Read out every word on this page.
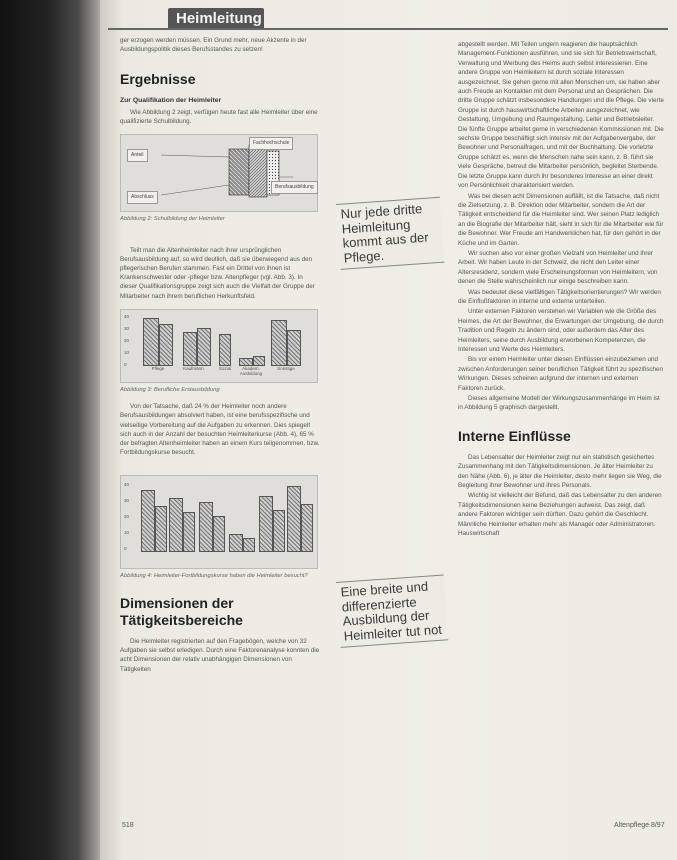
Heimleitung

ger erzogen werden müssen. Ein Grund mehr, neue Akzente in der Ausbildungspolitik dieses Berufsstandes zu setzen!

Ergebnisse
Zur Qualifikation der Heimleiter

Wie Abbildung 2 zeigt, verfügen heute fast alle Heimleiter über eine qualifizierte Schulbildung.

Anteil
Abschluss
Fachhochschule
Berufsausbildung
Abbildung 2: Schulbildung der Heimleiter

Teilt man die Altenheimleiter nach ihrer ursprünglichen Berufsausbildung auf, so wird deutlich, daß sie überwiegend aus den pflegerischen Berufen stammen. Fast ein Drittel von ihnen ist Krankenschwester oder -pfleger bzw. Altenpfleger (vgl. Abb. 3). In dieser Qualifikationsgruppe zeigt sich auch die Vielfalt der Gruppe der Mitarbeiter nach ihrem beruflichen Herkunftsfeld.

40
30
20
10
0
Pflege	Kaufmänn.	Sozial	Akadem. Ausbildung
Sonstige
Abbildung 3: Berufliche Erstausbildung

Von der Tatsache, daß 24 % der Heimleiter noch andere Berufsausbildungen absolviert haben, ist eine berufsspezifische und vielseitige Vorbereitung auf die Aufgaben zu erkennen. Dies spiegelt sich auch in der Anzahl der besuchten Heimleiterkurse (Abb. 4), 65 % der befragten Altenheimleiter haben an einem Kurs teilgenommen, bzw. Fortbildungskurse besucht.

40
30
20
10
0
Abbildung 4: Heimleiter-Fortbildungskurse haben die Heimleiter besucht?
Dimensionen der Tätigkeitsbereiche

Die Heimleiter registrierten auf den Fragebögen, welche von 32 Aufgaben sie selbst erledigen. Durch eine Faktorenanalyse konnten die acht Dimensionen der relativ unabhängigen Dimensionen von Tätigkeiten

Nur jede dritte Heimleitung kommt aus der Pflege.
Eine breite und differenzierte Ausbildung der Heimleiter tut not

abgestellt werden. Mit Teilen ungern reagieren die hauptsächlich Management-Funktionen ausführen, und sie sich für Betriebswirtschaft, Verwaltung und Werbung des Heims auch selbst interessieren. Eine andere Gruppe von Heimleitern ist durch soziale Interessen ausgezeichnet. Sie gehen gerne mit allen Menschen um, sie haben aber auch Freude an Kontakten mit dem Personal und an Gesprächen. Die dritte Gruppe schätzt insbesondere Handlungen und die Pflege. Die vierte Gruppe ist durch hauswirtschaftliche Arbeiten ausgezeichnet, wie Gestaltung, Umgebung und Raumgestaltung. Leiter und Betriebsleiter. Die fünfte Gruppe arbeitet gerne in verschiedenen Kommissionen mit. Die sechste Gruppe beschäftigt sich intensiv mit der Aufgabenvergabe, der Bewohner und Personalfragen, und mit der Buchhaltung. Die vorletzte Gruppe schätzt es, wenn die Menschen nahe sein kann, z. B. führt sie viele Gespräche, betreut die Mitarbeiter persönlich, begleitet Sterbende. Die letzte Gruppe kann durch ihr besonderes Interesse an einer direkt von Persönlichkeit charakterisiert werden.

Was bei diesen acht Dimensionen auffällt, ist die Tatsache, daß nicht die Zielsetzung, z. B. Direktion oder Mitarbeiter, sondern die Art der Tätigkeit entscheidend für die Heimleiter sind. Wer seinen Platz lediglich an die Biografie der Mitarbeiter hält, sieht in sich für die Mitarbeiter wie für die Bewohner. Wer Freude am Handwerklichen hat, für den gehört in der Küche und im Garten.

Wir suchen also vor einer großen Vielzahl von Heimleiter und ihrer Arbeit. Wir haben Leute in der Schweiz, die nicht den Leiter einer Altersresidenz, sondern viele Erscheinungsformen von Heimleitern, von denen die Stelle wahrscheinlich nur einige beschreiben kann.

Was bedeutet diese vielfältigen Tätigkeitsorientierungen? Wir werden die Einflußfaktoren in interne und externe unterteilen.

Unter externen Faktoren verstehen wir Variablen wie die Größe des Heimes, die Art der Bewohner, die Erwartungen der Umgebung, die durch Tradition und Regeln zu ändern sind, oder außerdem das Alter des Heimleiters, seine durch Ausbildung erworbenen Kompetenzen, die Interessen und Werte des Heimleiters.

Bis vor einem Heimleiter unter diesen Einflüssen einzubeziehen und zwischen Anforderungen seiner beruflichen Tätigkeit führt zu spezifischen Wirkungen. Dieses scheinen aufgrund der internen und externen Faktoren zurück.

Dieses allgemeine Modell der Wirkungszusammenhänge im Heim ist in Abbildung 5 graphisch dargestellt.

Interne Einflüsse

Das Lebensalter der Heimleiter zeigt nur ein statistisch gesichertes Zusammenhang mit den Tätigkeitsdimensionen. Je älter Heimleiter zu den Nähe (Abb. 6), je älter die Heimleiter, desto mehr liegen sie Weg, die Begleitung ihrer Bewohner und ihres Personals.

Wichtig ist vielleicht der Befund, daß das Lebensalter zu den anderen Tätigkeitsdimensionen keine Beziehungen aufweist. Das zeigt, daß andere Faktoren wichtiger sein dürften. Dazu gehört die Geschlecht. Männliche Heimleiter erhalten mehr als Manager oder Administratoren. Hauswirtschaft

518	Altenpflege 8/97
